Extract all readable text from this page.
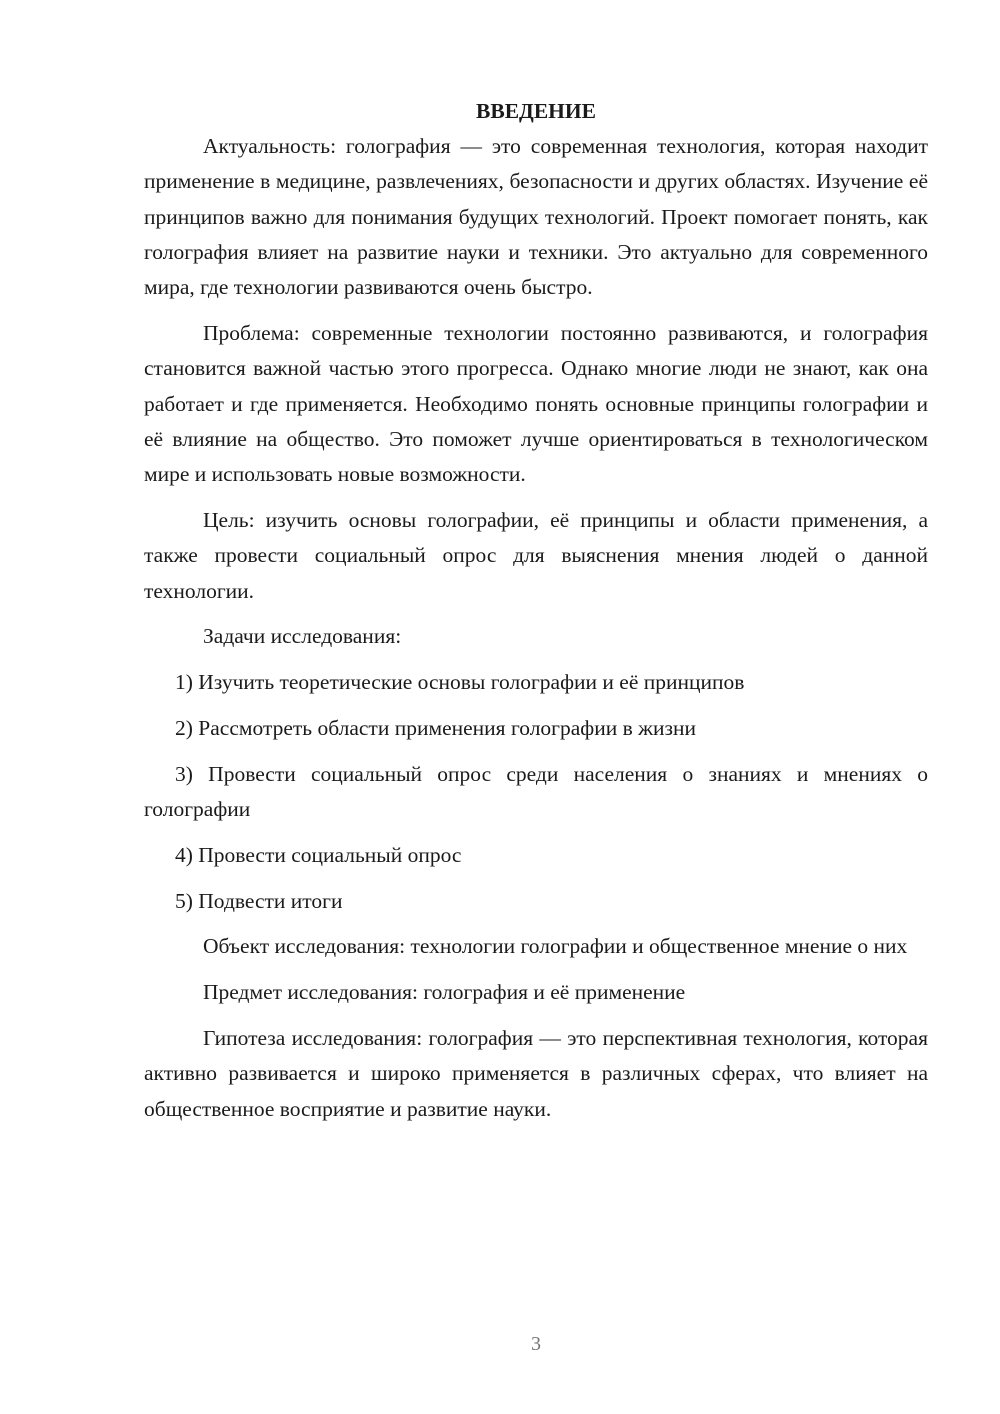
ВВЕДЕНИЕ

Актуальность: голография — это современная технология, которая находит применение в медицине, развлечениях, безопасности и других областях. Изучение её принципов важно для понимания будущих технологий. Проект помогает понять, как голография влияет на развитие науки и техники. Это актуально для современного мира, где технологии развиваются очень быстро.

Проблема: современные технологии постоянно развиваются, и голография становится важной частью этого прогресса. Однако многие люди не знают, как она работает и где применяется. Необходимо понять основные принципы голографии и её влияние на общество. Это поможет лучше ориентироваться в технологическом мире и использовать новые возможности.

Цель: изучить основы голографии, её принципы и области применения, а также провести социальный опрос для выяснения мнения людей о данной технологии.

Задачи исследования:

1) Изучить теоретические основы голографии и её принципов

2) Рассмотреть области применения голографии в жизни

3) Провести социальный опрос среди населения о знаниях и мнениях о голографии

4) Провести социальный опрос

5) Подвести итоги

Объект исследования: технологии голографии и общественное мнение о них

Предмет исследования: голография и её применение

Гипотеза исследования: голография — это перспективная технология, которая активно развивается и широко применяется в различных сферах, что влияет на общественное восприятие и развитие науки.

3
